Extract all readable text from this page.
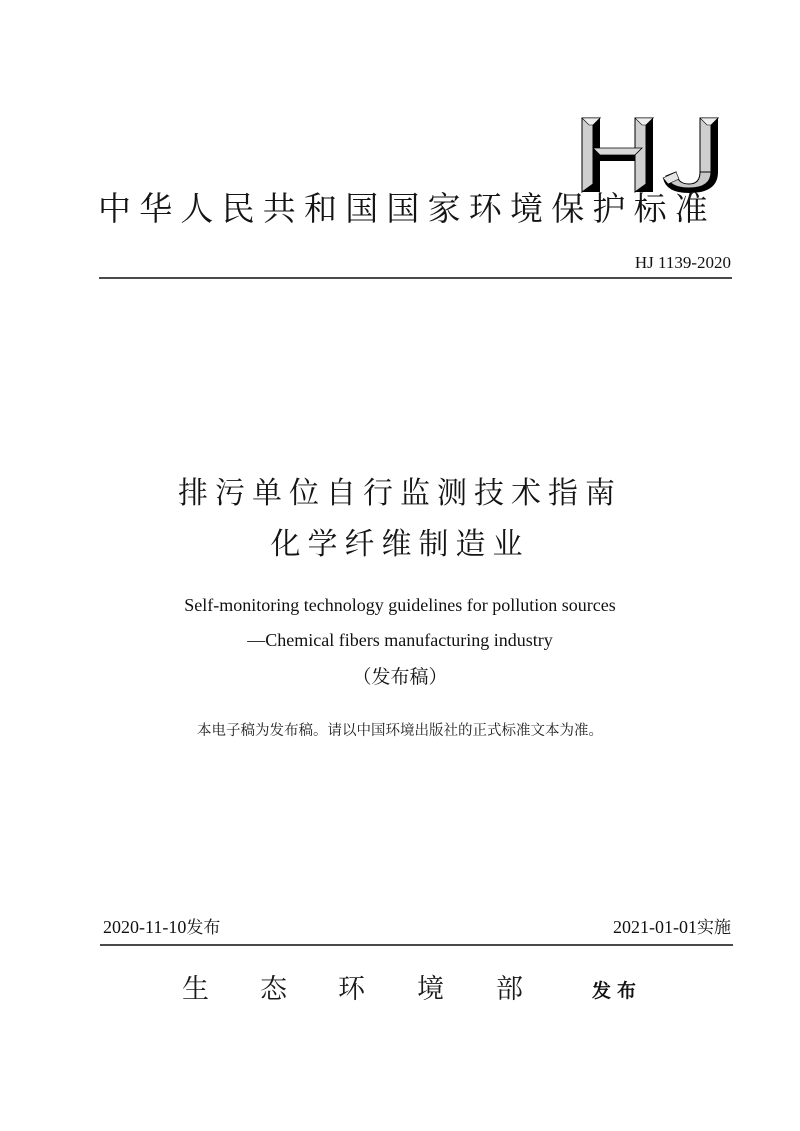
中华人民共和国国家环境保护标准
HJ 1139-2020
排污单位自行监测技术指南
化学纤维制造业
Self-monitoring technology guidelines for pollution sources
—Chemical fibers manufacturing industry
（发布稿）
本电子稿为发布稿。请以中国环境出版社的正式标准文本为准。
2020-11-10发布	2021-01-01实施
生 态 环 境 部	发布
